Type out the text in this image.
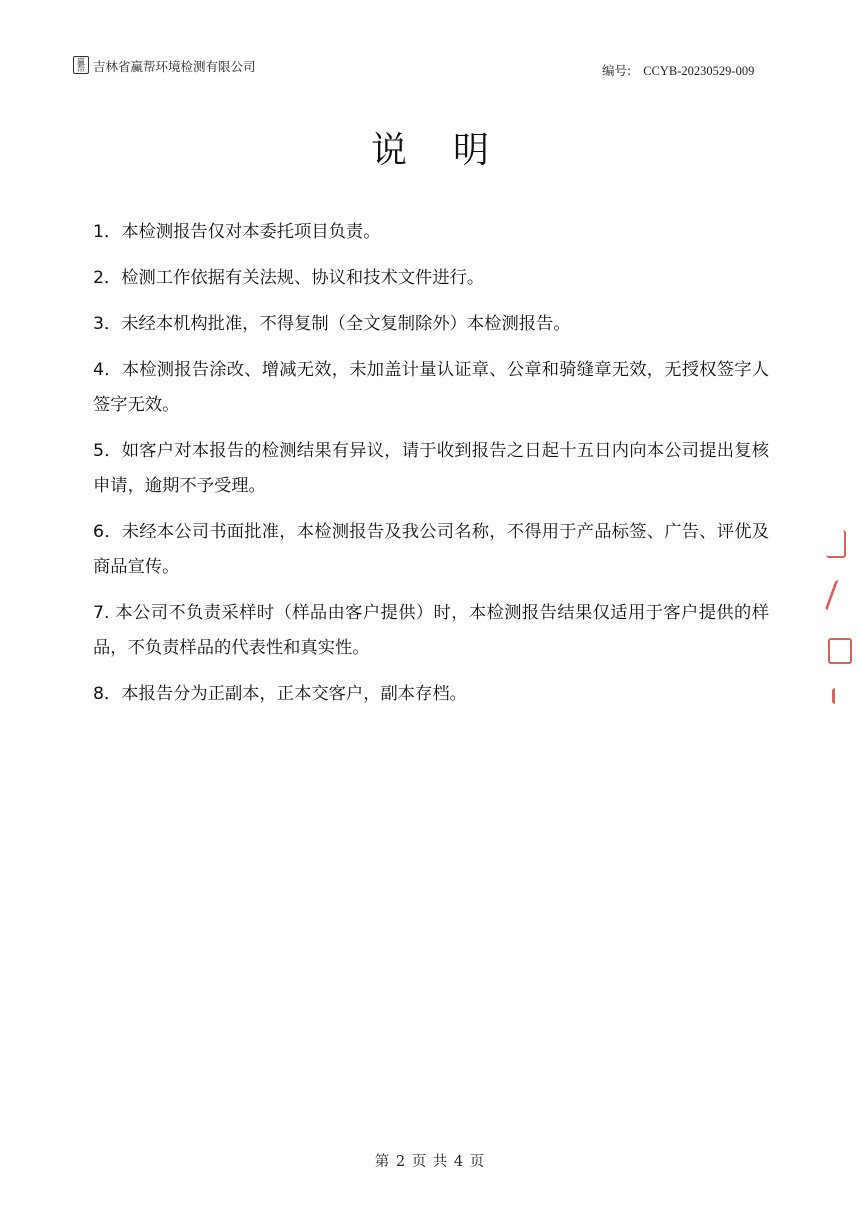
赢帮 吉林省赢帮环境检测有限公司	编号: CCYB-20230529-009
说明

1．本检测报告仅对本委托项目负责。

2．检测工作依据有关法规、协议和技术文件进行。

3．未经本机构批准，不得复制（全文复制除外）本检测报告。

4．本检测报告涂改、增减无效，未加盖计量认证章、公章和骑缝章无效，无授权签字人签字无效。

5．如客户对本报告的检测结果有异议，请于收到报告之日起十五日内向本公司提出复核申请，逾期不予受理。

6．未经本公司书面批准，本检测报告及我公司名称，不得用于产品标签、广告、评优及商品宣传。

7. 本公司不负责采样时（样品由客户提供）时，本检测报告结果仅适用于客户提供的样品，不负责样品的代表性和真实性。

8．本报告分为正副本，正本交客户，副本存档。

第 2 页 共 4 页
